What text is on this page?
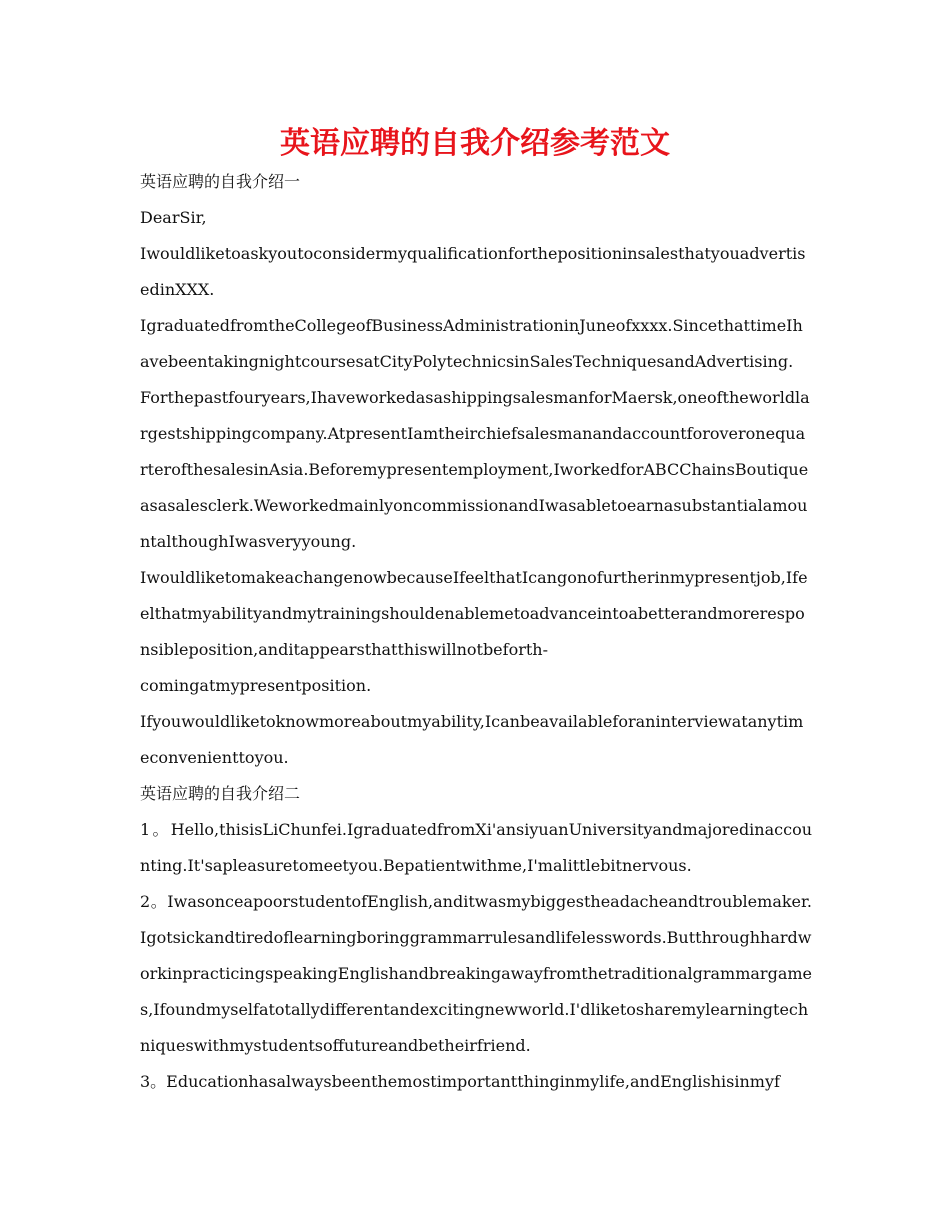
英语应聘的自我介绍参考范文

英语应聘的自我介绍一

DearSir,

IwouldliketoaskyoutoconsidermyqualificationforthepositioninsalesthatyouadvertisedinXXX.

IgraduatedfromtheCollegeofBusinessAdministrationinJuneofxxxx.SincethattimeIhavebeentakingnightcoursesatCityPolytechnicsinSalesTechniquesandAdvertising.

Forthepastfouryears,IhaveworkedasashippingsalesmanforMaersk,oneoftheworldlargestshippingcompany.AtpresentIamtheirchiefsalesmanandaccountforoveronequarterofthesalesinAsia.Beforemypresentemployment,IworkedforABCChainsBoutiqueasasalesclerk.WeworkedmainlyoncommissionandIwasabletoearnasubstantialamountalthoughIwasveryyoung.

IwouldliketomakeachangenowbecauseIfeelthatIcangonofurtherinmypresentjob,Ifeelthatmyabilityandmytrainingshouldenablemetoadvanceintoabetterandmoreresponsibleposition,anditappearsthatthiswillnotbeforth-

comingatmypresentposition.

Ifyouwouldliketoknowmoreaboutmyability,Icanbeavailableforaninterviewatanytimeconvenienttoyou.

英语应聘的自我介绍二

1。Hello,thisisLiChunfei.IgraduatedfromXi'ansiyuanUniversityandmajoredinaccounting.It'sapleasuretomeetyou.Bepatientwithme,I'malittlebitnervous.

2。IwasonceapoorstudentofEnglish,anditwasmybiggestheadacheandtroublemaker.Igotsickandtiredoflearningboringgrammarrulesandlifelesswords.ButthroughhardworkinpracticingspeakingEnglishandbreakingawayfromthetraditionalgrammargames,Ifoundmyselfatotallydifferentandexcitingnewworld.I'dliketosharemylearningtechniqueswithmystudentsoffutureandbetheirfriend.

3。Educationhasalwaysbeenthemostimportantthinginmylife,andEnglishisinmyf
